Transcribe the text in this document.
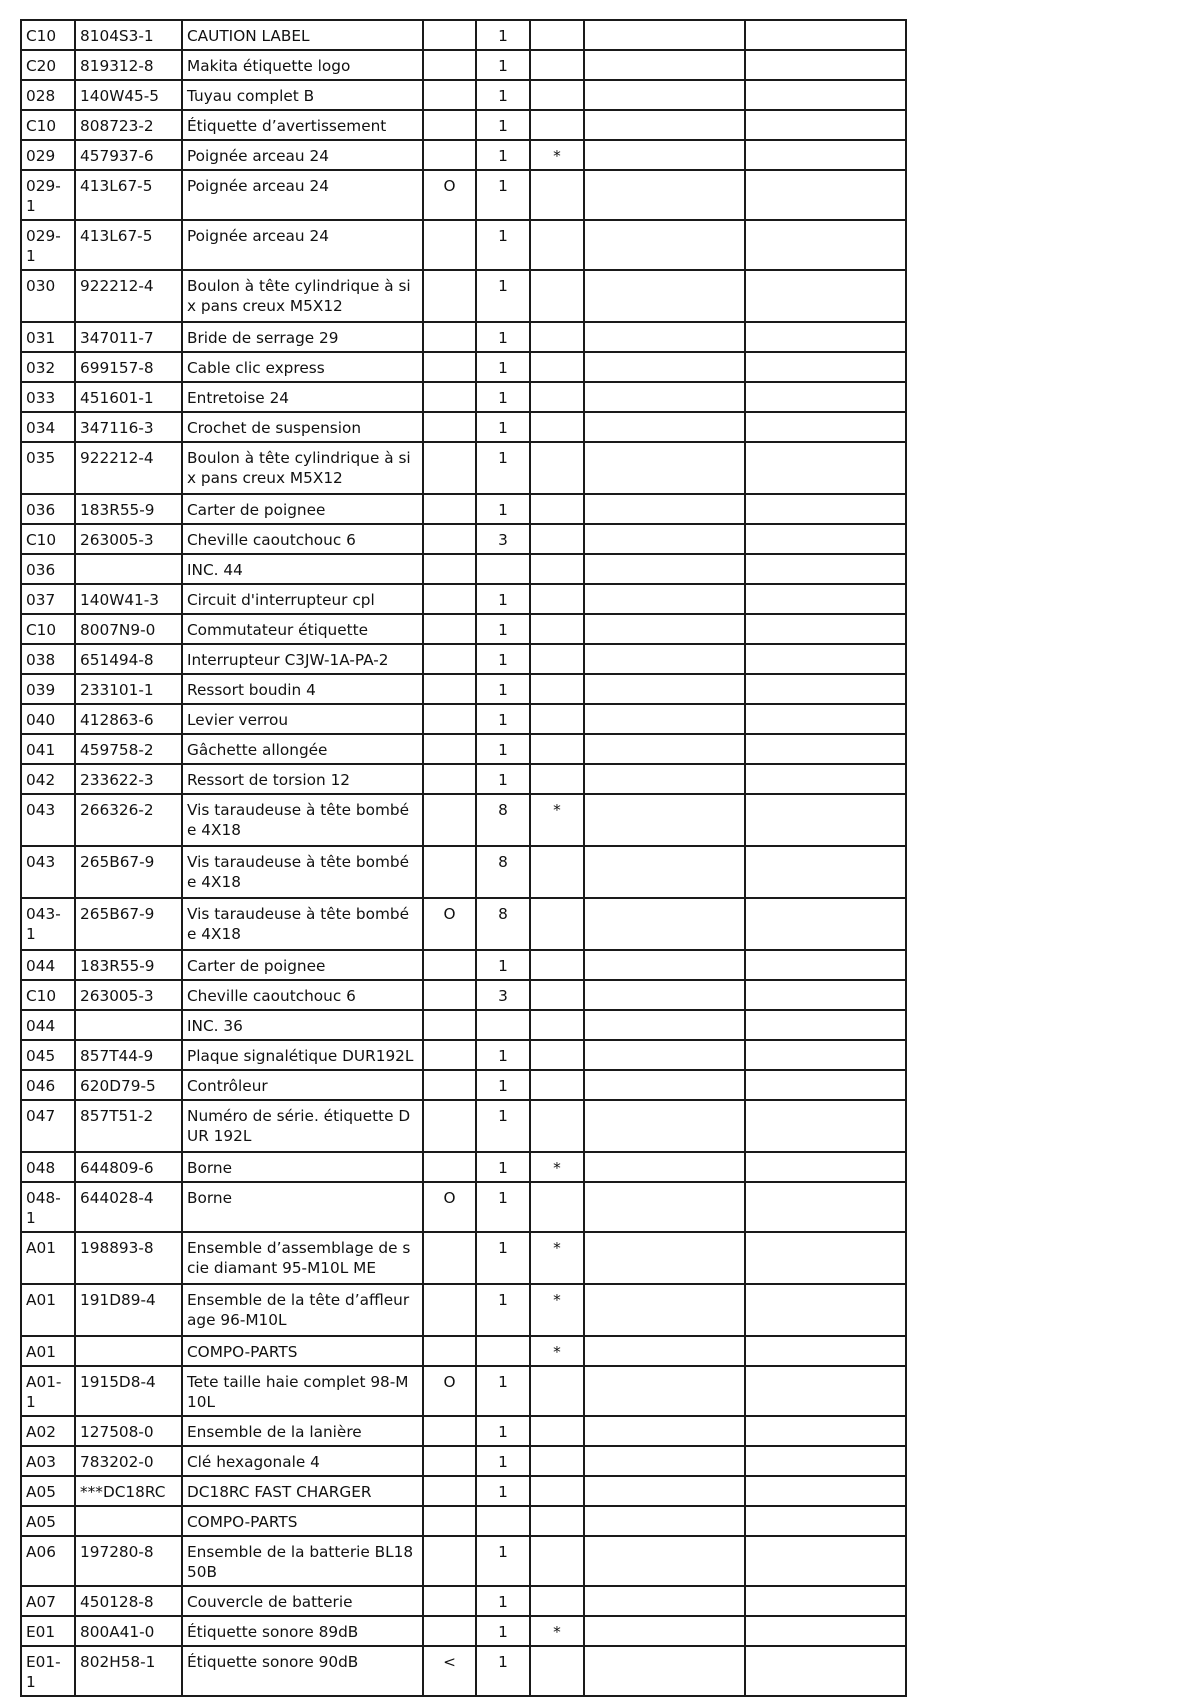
C10	8104S3-1	CAUTION LABEL		1			
C20	819312-8	Makita étiquette logo		1			
028	140W45-5	Tuyau complet B		1			
C10	808723-2	Étiquette d’avertissement		1			
029	457937-6	Poignée arceau 24		1	*		
029-1	413L67-5	Poignée arceau 24	O	1			
029-1	413L67-5	Poignée arceau 24		1			
030	922212-4	Boulon à tête cylindrique à six pans creux M5X12		1			
031	347011-7	Bride de serrage 29		1			
032	699157-8	Cable clic express		1			
033	451601-1	Entretoise 24		1			
034	347116-3	Crochet de suspension		1			
035	922212-4	Boulon à tête cylindrique à six pans creux M5X12		1			
036	183R55-9	Carter de poignee		1			
C10	263005-3	Cheville caoutchouc 6		3			
036		INC. 44					
037	140W41-3	Circuit d'interrupteur cpl		1			
C10	8007N9-0	Commutateur étiquette		1			
038	651494-8	Interrupteur C3JW-1A-PA-2		1			
039	233101-1	Ressort boudin 4		1			
040	412863-6	Levier verrou		1			
041	459758-2	Gâchette allongée		1			
042	233622-3	Ressort de torsion 12		1			
043	266326-2	Vis taraudeuse à tête bombée 4X18		8	*		
043	265B67-9	Vis taraudeuse à tête bombée 4X18		8			
043-1	265B67-9	Vis taraudeuse à tête bombée 4X18	O	8			
044	183R55-9	Carter de poignee		1			
C10	263005-3	Cheville caoutchouc 6		3			
044		INC. 36					
045	857T44-9	Plaque signalétique DUR192L		1			
046	620D79-5	Contrôleur		1			
047	857T51-2	Numéro de série. étiquette DUR 192L		1			
048	644809-6	Borne		1	*		
048-1	644028-4	Borne	O	1			
A01	198893-8	Ensemble d’assemblage de scie diamant 95-M10L ME		1	*		
A01	191D89-4	Ensemble de la tête d’affleurage 96-M10L		1	*		
A01		COMPO-PARTS			*		
A01-1	1915D8-4	Tete taille haie complet 98-M10L	O	1			
A02	127508-0	Ensemble de la lanière		1			
A03	783202-0	Clé hexagonale 4		1			
A05	***DC18RC	DC18RC FAST CHARGER		1			
A05		COMPO-PARTS					
A06	197280-8	Ensemble de la batterie BL1850B		1			
A07	450128-8	Couvercle de batterie		1			
E01	800A41-0	Étiquette sonore 89dB		1	*		
E01-1	802H58-1	Étiquette sonore 90dB	<	1			
